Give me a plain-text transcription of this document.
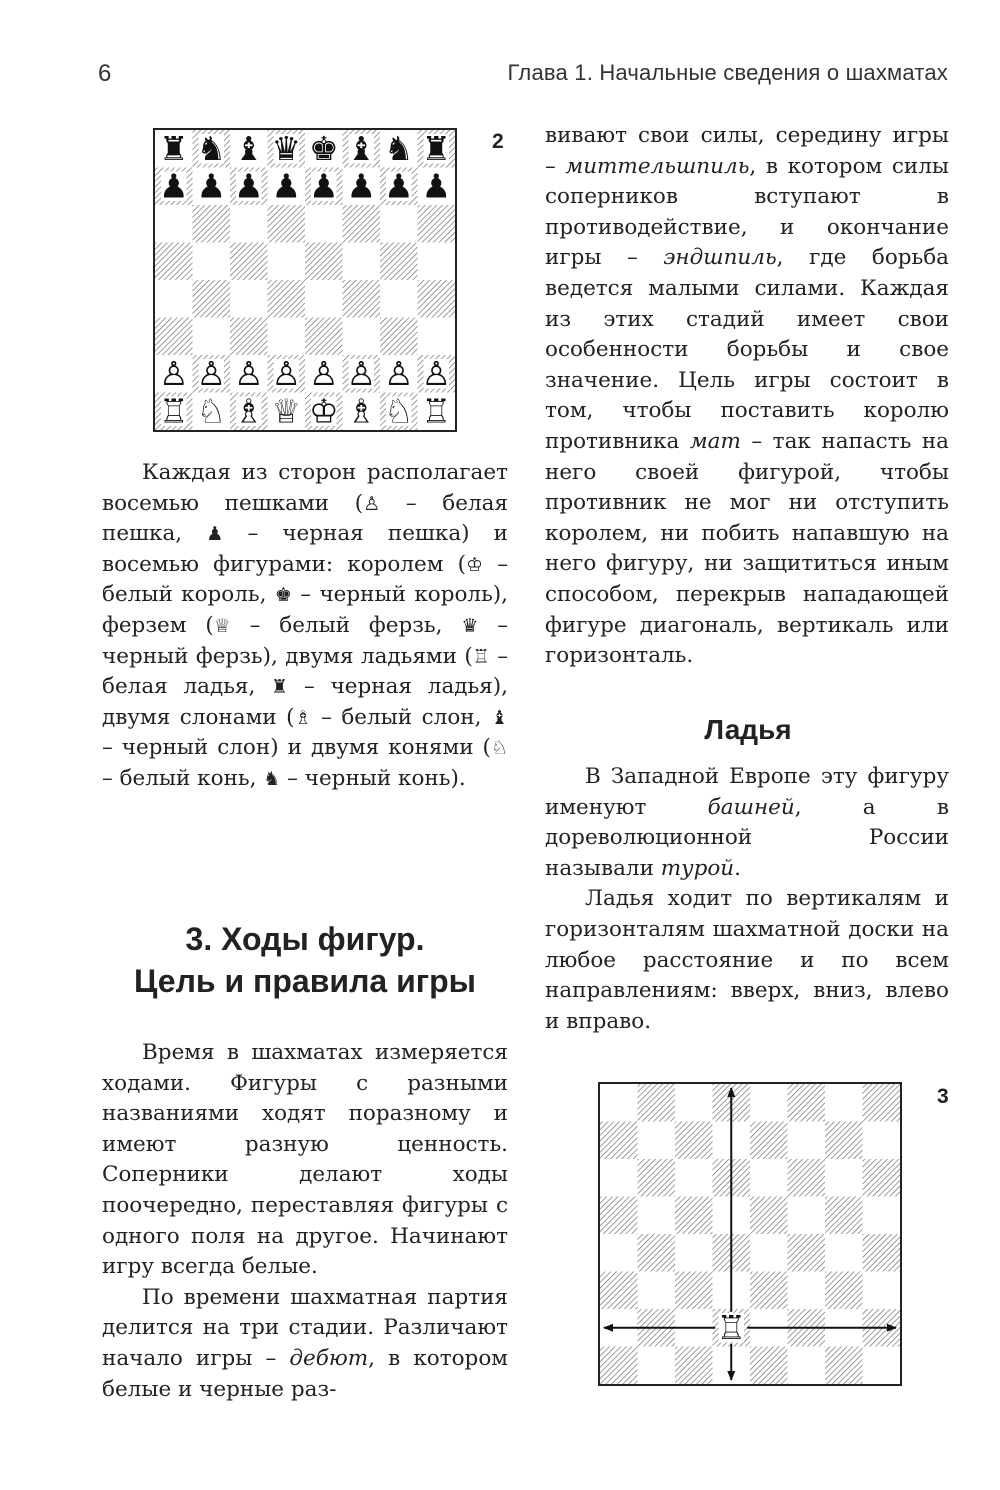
6	Глава 1. Начальные сведения о шахматах
♜ ♞ ♝ ♛ ♚ ♝ ♞ ♜
♟ ♟ ♟ ♟ ♟ ♟ ♟ ♟
♙ ♙ ♙ ♙ ♙ ♙ ♙ ♙
♖ ♘ ♗ ♕ ♔ ♗ ♘ ♖
2

Каждая из сторон располагает восемью пешками (♙ – белая пешка, ♟ – черная пешка) и восемью фигурами: королем (♔ – белый король, ♚ – черный король), ферзем (♕ – белый ферзь, ♛ – черный ферзь), двумя ладьями (♖ – белая ладья, ♜ – черная ладья), двумя слонами (♗ – белый слон, ♝ – черный слон) и двумя конями (♘ – белый конь, ♞ – черный конь).

3. Ходы фигур.
Цель и правила игры

Время в шахматах измеряется ходами. Фигуры с разными названиями ходят поразному и имеют разную ценность. Соперники делают ходы поочередно, переставляя фигуры с одного поля на другое. Начинают игру всегда белые.

По времени шахматная партия делится на три стадии. Различают начало игры – дебют, в котором белые и черные раз-

вивают свои силы, середину игры – миттельшпиль, в котором силы соперников вступают в противодействие, и окончание игры – эндшпиль, где борьба ведется малыми силами. Каждая из этих стадий имеет свои особенности борьбы и свое значение. Цель игры состоит в том, чтобы поставить королю противника мат – так напасть на него своей фигурой, чтобы противник не мог ни отступить королем, ни побить напавшую на него фигуру, ни защититься иным способом, перекрыв нападающей фигуре диагональ, вертикаль или горизонталь.

Ладья

В Западной Европе эту фигуру именуют башней, а в дореволюционной России называли турой.

Ладья ходит по вертикалям и горизонталям шахматной доски на любое расстояние и по всем направлениям: вверх, вниз, влево и вправо.

♖
3
